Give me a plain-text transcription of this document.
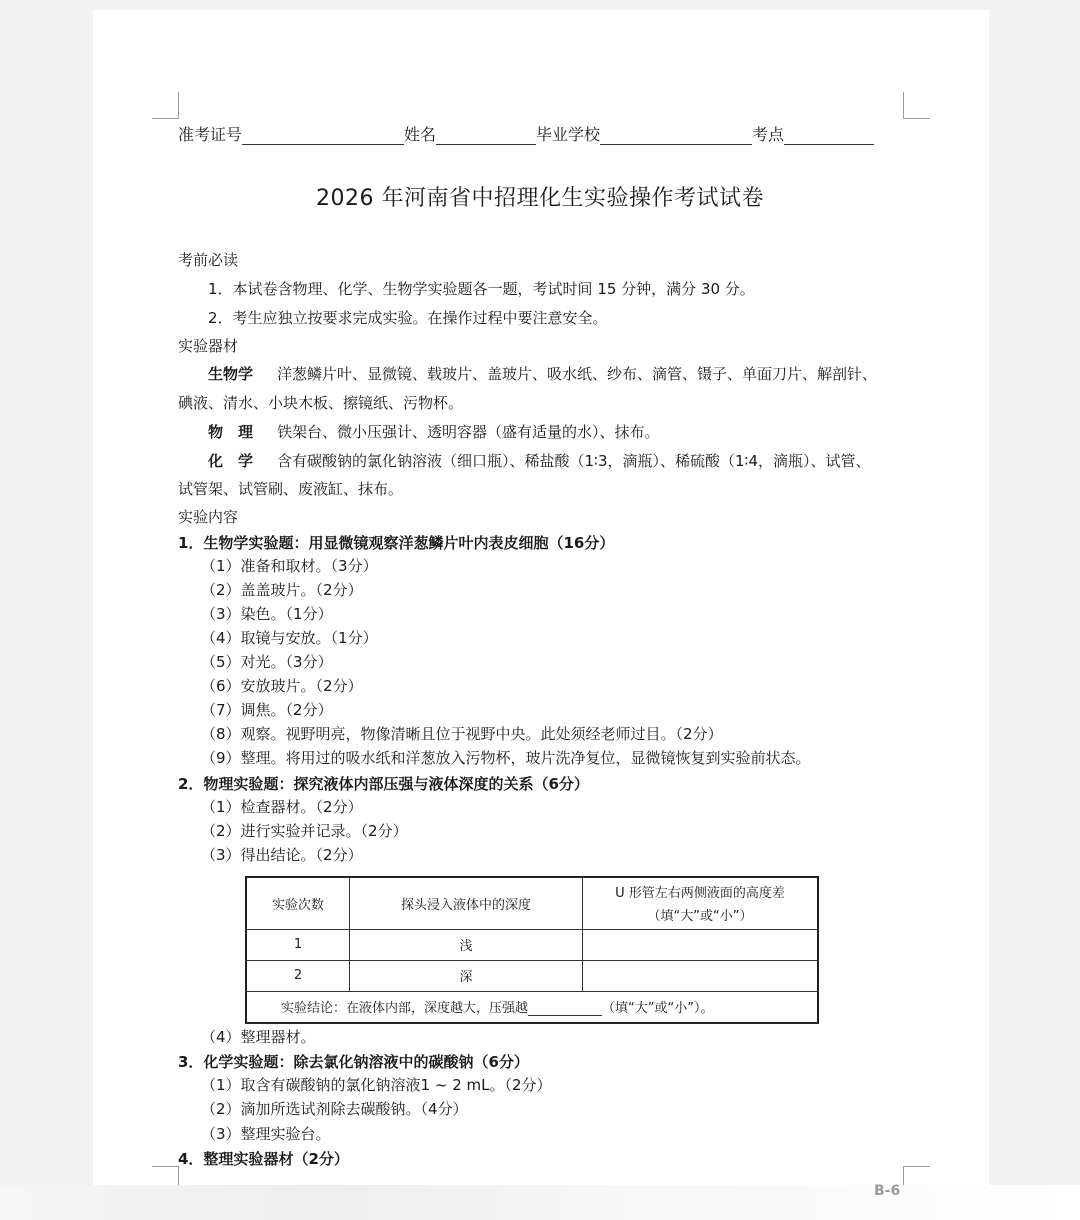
准考证号	姓名	毕业学校	考点
2026 年河南省中招理化生实验操作考试试卷
考前必读
1．本试卷含物理、化学、生物学实验题各一题，考试时间 15 分钟，满分 30 分。
2．考生应独立按要求完成实验。在操作过程中要注意安全。
实验器材
生物学 洋葱鳞片叶、显微镜、载玻片、盖玻片、吸水纸、纱布、滴管、镊子、单面刀片、解剖针、
碘液、清水、小块木板、擦镜纸、污物杯。
物　理 铁架台、微小压强计、透明容器（盛有适量的水）、抹布。
化　学 含有碳酸钠的氯化钠溶液（细口瓶）、稀盐酸（1∶3，滴瓶）、稀硫酸（1∶4，滴瓶）、试管、
试管架、试管刷、废液缸、抹布。
实验内容
1．生物学实验题：用显微镜观察洋葱鳞片叶内表皮细胞（16分）
（1）准备和取材。（3分）
（2）盖盖玻片。（2分）
（3）染色。（1分）
（4）取镜与安放。（1分）
（5）对光。（3分）
（6）安放玻片。（2分）
（7）调焦。（2分）
（8）观察。视野明亮，物像清晰且位于视野中央。此处须经老师过目。（2分）
（9）整理。将用过的吸水纸和洋葱放入污物杯，玻片洗净复位，显微镜恢复到实验前状态。
2．物理实验题：探究液体内部压强与液体深度的关系（6分）
（1）检查器材。（2分）
（2）进行实验并记录。（2分）
（3）得出结论。（2分）
实验次数	探头浸入液体中的深度	U 形管左右两侧液面的高度差
（填“大”或“小”）

1	浅	
2	深	
实验结论：在液体内部，深度越大，压强越 （填“大”或“小”）。		
（4）整理器材。
3．化学实验题：除去氯化钠溶液中的碳酸钠（6分）
（1）取含有碳酸钠的氯化钠溶液1 ~ 2 mL。（2分）
（2）滴加所选试剂除去碳酸钠。（4分）
（3）整理实验台。
4．整理实验器材（2分）
B-6
